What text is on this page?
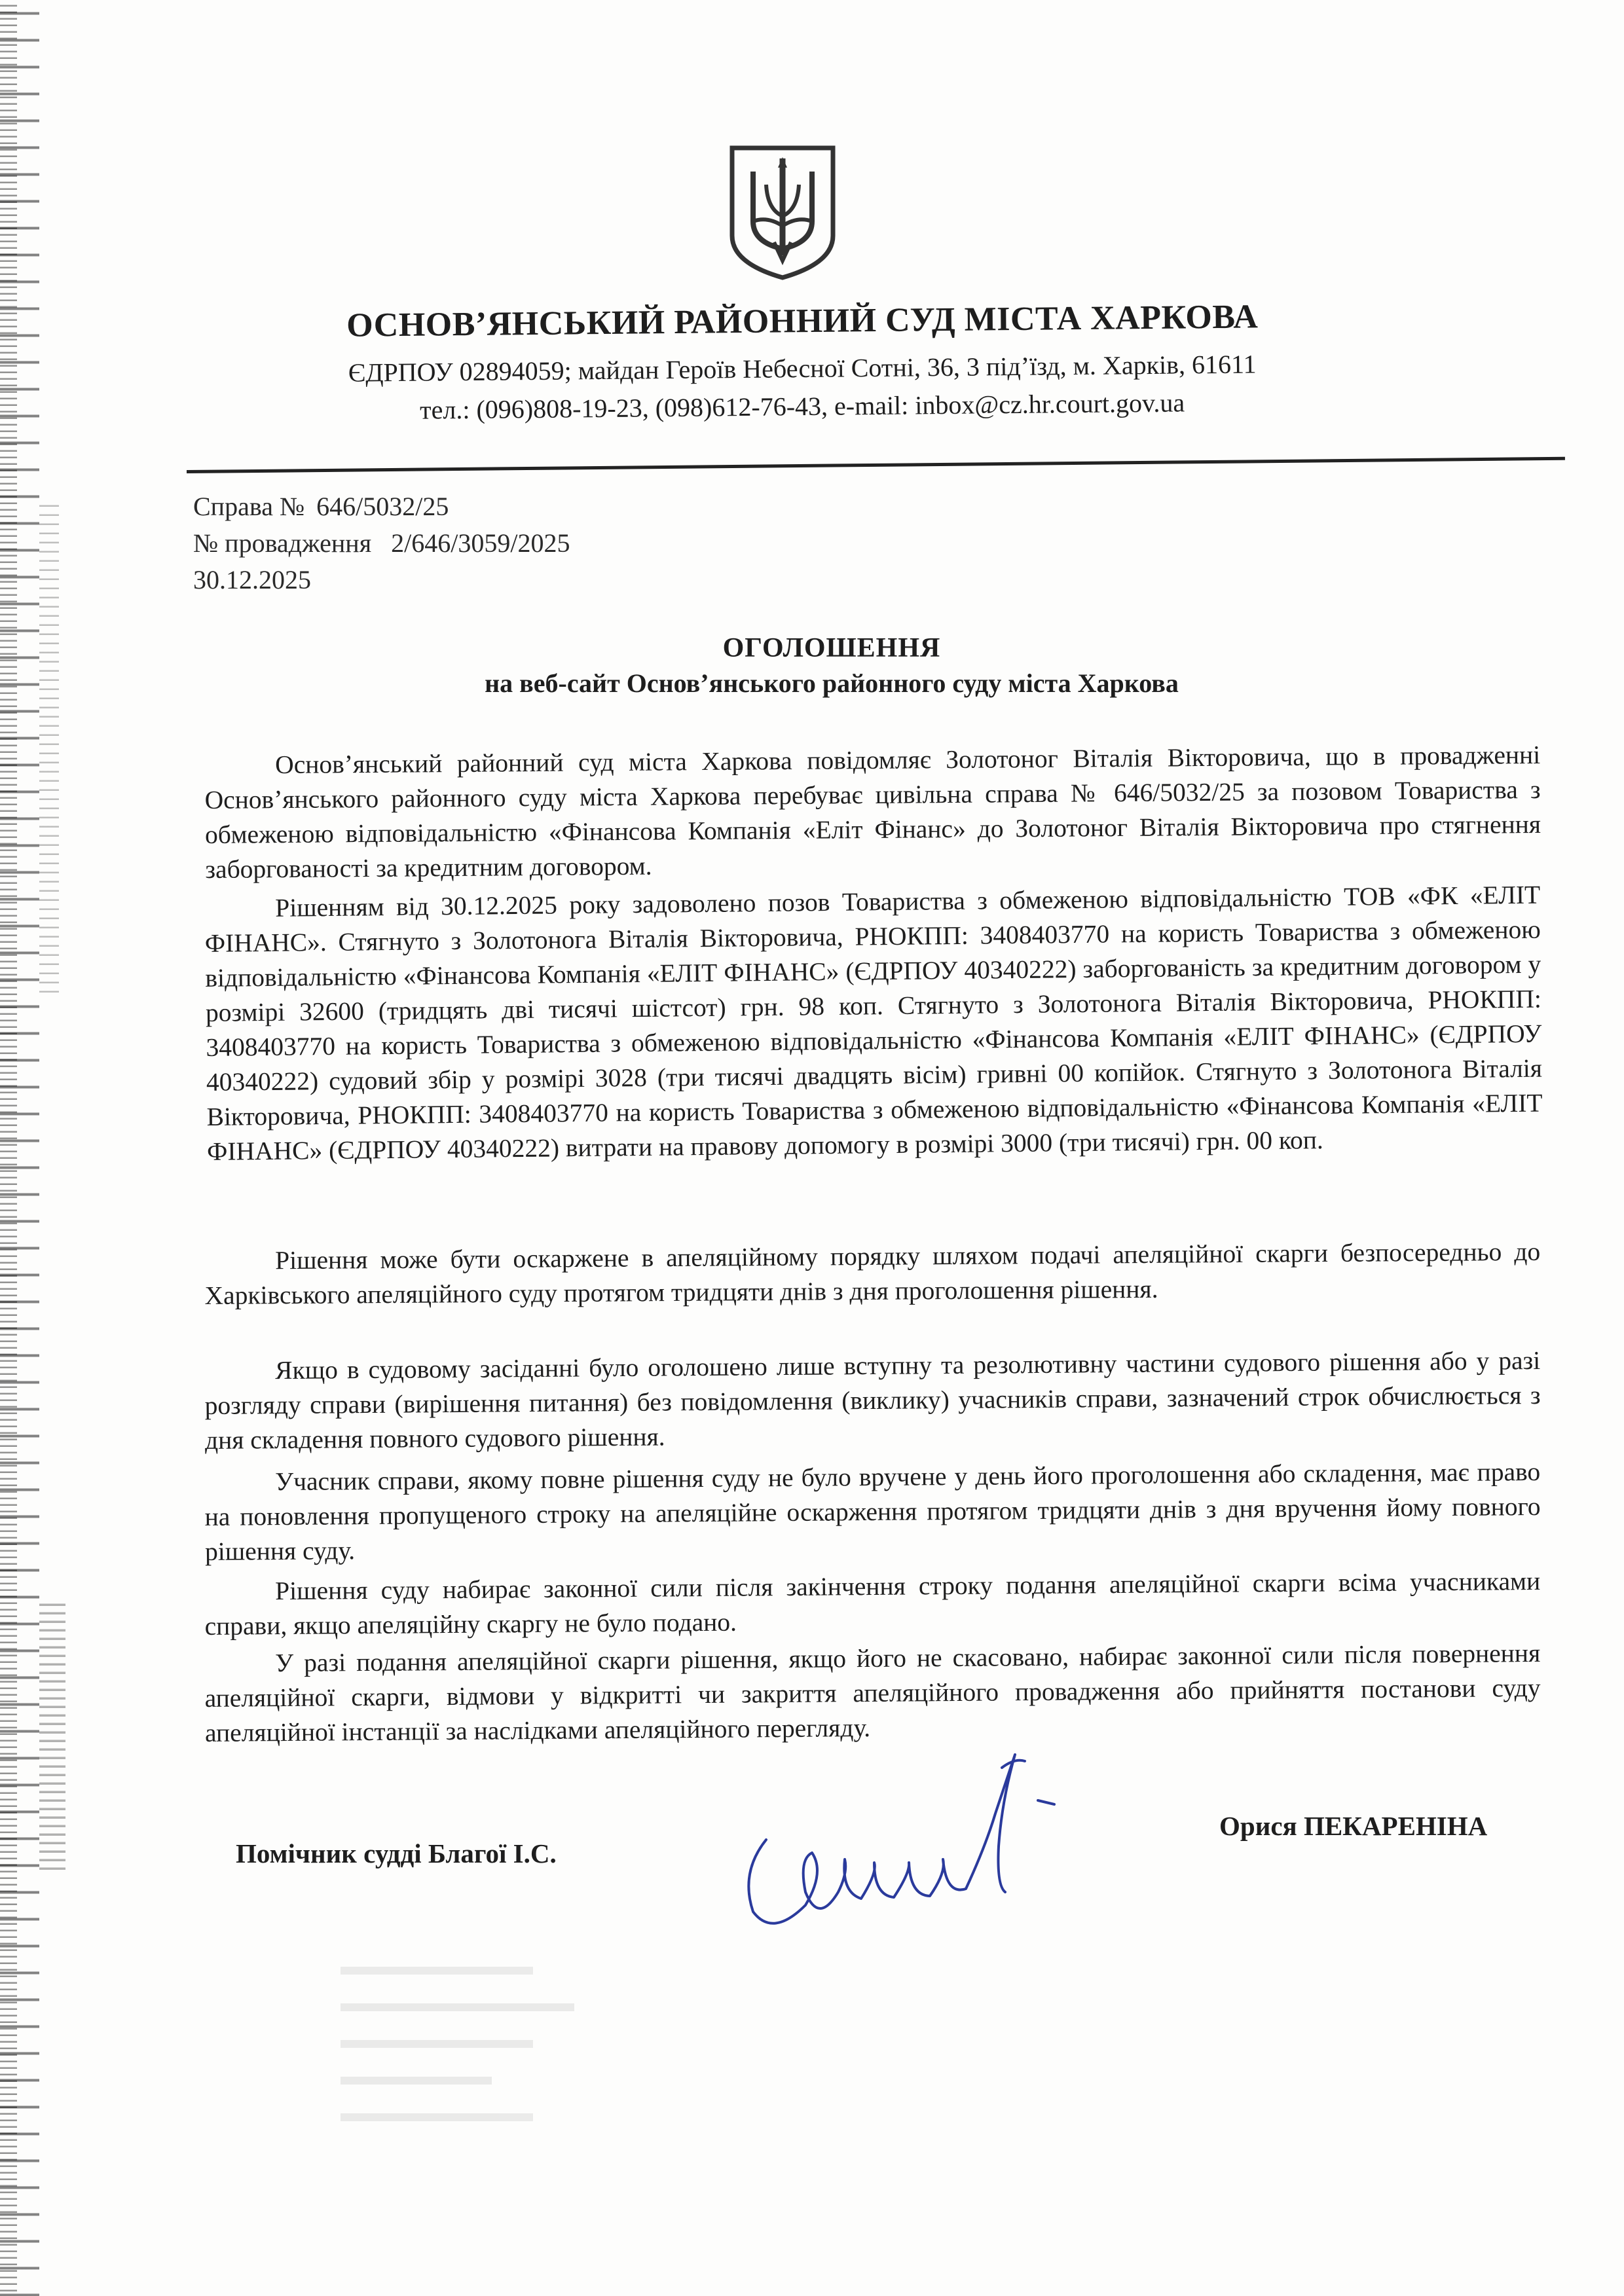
ОСНОВ’ЯНСЬКИЙ РАЙОННИЙ СУД МІСТА ХАРКОВА
ЄДРПОУ 02894059; майдан Героїв Небесної Сотні, 36, 3 під’їзд, м. Харків, 61611
тел.: (096)808-19-23, (098)612-76-43, e-mail: inbox@cz.hr.court.gov.ua
Справа № 646/5032/25
№ провадження 2/646/3059/2025
30.12.2025
ОГОЛОШЕННЯ
на веб-сайт Основ’янського районного суду міста Харкова
Основ’янський районний суд міста Харкова повідомляє Золотоног Віталія Вікторовича, що в провадженні Основ’янського районного суду міста Харкова перебуває цивільна справа № 646/5032/25 за позовом Товариства з обмеженою відповідальністю «Фінансова Компанія «Еліт Фінанс» до Золотоног Віталія Вікторовича про стягнення заборгованості за кредитним договором.
Рішенням від 30.12.2025 року задоволено позов Товариства з обмеженою відповідальністю ТОВ «ФК «ЕЛІТ ФІНАНС». Стягнуто з Золотонога Віталія Вікторовича, РНОКПП: 3408403770 на користь Товариства з обмеженою відповідальністю «Фінансова Компанія «ЕЛІТ ФІНАНС» (ЄДРПОУ 40340222) заборгованість за кредитним договором у розмірі 32600 (тридцять дві тисячі шістсот) грн. 98 коп. Стягнуто з Золотонога Віталія Вікторовича, РНОКПП: 3408403770 на користь Товариства з обмеженою відповідальністю «Фінансова Компанія «ЕЛІТ ФІНАНС» (ЄДРПОУ 40340222) судовий збір у розмірі 3028 (три тисячі двадцять вісім) гривні 00 копійок. Стягнуто з Золотонога Віталія Вікторовича, РНОКПП: 3408403770 на користь Товариства з обмеженою відповідальністю «Фінансова Компанія «ЕЛІТ ФІНАНС» (ЄДРПОУ 40340222) витрати на правову допомогу в розмірі 3000 (три тисячі) грн. 00 коп.
Рішення може бути оскаржене в апеляційному порядку шляхом подачі апеляційної скарги безпосередньо до Харківського апеляційного суду протягом тридцяти днів з дня проголошення рішення.
Якщо в судовому засіданні було оголошено лише вступну та резолютивну частини судового рішення або у разі розгляду справи (вирішення питання) без повідомлення (виклику) учасників справи, зазначений строк обчислюється з дня складення повного судового рішення.
Учасник справи, якому повне рішення суду не було вручене у день його проголошення або складення, має право на поновлення пропущеного строку на апеляційне оскарження протягом тридцяти днів з дня вручення йому повного рішення суду.
Рішення суду набирає законної сили після закінчення строку подання апеляційної скарги всіма учасниками справи, якщо апеляційну скаргу не було подано.
У разі подання апеляційної скарги рішення, якщо його не скасовано, набирає законної сили після повернення апеляційної скарги, відмови у відкритті чи закриття апеляційного провадження або прийняття постанови суду апеляційної інстанції за наслідками апеляційного перегляду.
Помічник судді Благої І.С.
Орися ПЕКАРЕНІНА
